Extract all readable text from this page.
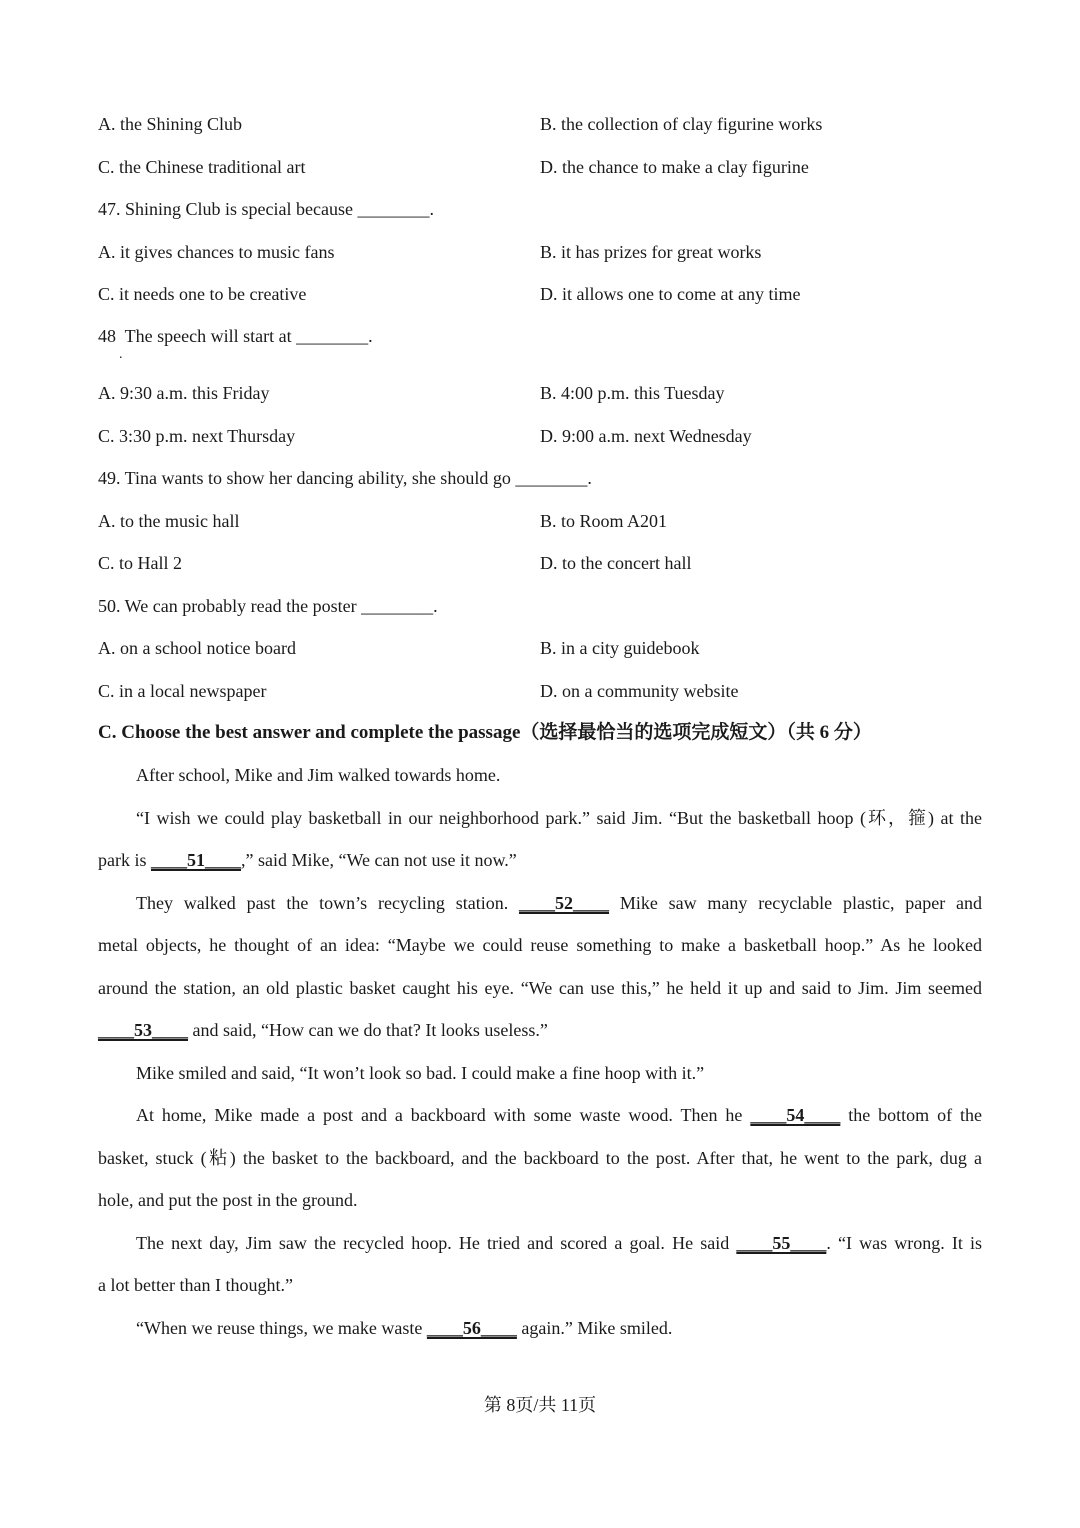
A. the Shining Club	B. the collection of clay figurine works
C. the Chinese traditional art	D. the chance to make a clay figurine
47. Shining Club is special because ________.
A. it gives chances to music fans	B. it has prizes for great works
C. it needs one to be creative	D. it allows one to come at any time
48  The speech will start at ________.
.
A. 9:30 a.m. this Friday	B. 4:00 p.m. this Tuesday
C. 3:30 p.m. next Thursday	D. 9:00 a.m. next Wednesday
49. Tina wants to show her dancing ability, she should go ________.
A. to the music hall	B. to Room A201
C. to Hall 2	D. to the concert hall
50. We can probably read the poster ________.
A. on a school notice board	B. in a city guidebook
C. in a local newspaper	D. on a community website
C. Choose the best answer and complete the passage（选择最恰当的选项完成短文）（共 6 分）
After school, Mike and Jim walked towards home.
“I wish we could play basketball in our neighborhood park.” said Jim. “But the basketball hoop (环，箍) at the
park is ____51____,” said Mike, “We can not use it now.”
They walked past the town’s recycling station. ____52____ Mike saw many recyclable plastic, paper and
metal objects, he thought of an idea: “Maybe we could reuse something to make a basketball hoop.” As he looked
around the station, an old plastic basket caught his eye. “We can use this,” he held it up and said to Jim. Jim seemed
____53____ and said, “How can we do that? It looks useless.”
Mike smiled and said, “It won’t look so bad. I could make a fine hoop with it.”
At home, Mike made a post and a backboard with some waste wood. Then he ____54____ the bottom of the
basket, stuck (粘) the basket to the backboard, and the backboard to the post. After that, he went to the park, dug a
hole, and put the post in the ground.
The next day, Jim saw the recycled hoop. He tried and scored a goal. He said ____55____. “I was wrong. It is
a lot better than I thought.”
“When we reuse things, we make waste ____56____ again.” Mike smiled.
第 8页/共 11页
